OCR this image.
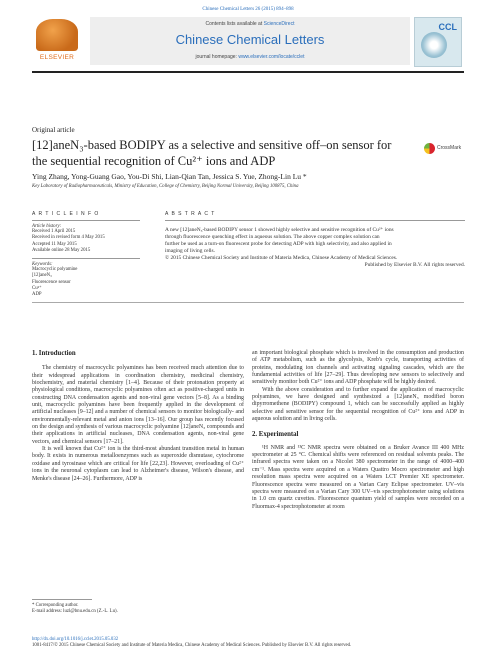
Chinese Chemical Letters 26 (2015) 894–898
ELSEVIER
Contents lists available at ScienceDirect
Chinese Chemical Letters
journal homepage: www.elsevier.com/locate/cclet
CCL
Original article
[12]aneN₃-based BODIPY as a selective and sensitive off–on sensor for
the sequential recognition of Cu²⁺ ions and ADP
CrossMark
Ying Zhang, Yong-Guang Gao, You-Di Shi, Lian-Qian Tan, Jessica S. Yue, Zhong-Lin Lu *
Key Laboratory of Radiopharmaceuticals, Ministry of Education, College of Chemistry, Beijing Normal University, Beijing 100875, China
A R T I C L E I N F O
Article history:
Received 1 April 2015
Received in revised form 4 May 2015
Accepted 11 May 2015
Available online 28 May 2015
Keywords:
Macrocyclic polyamine
[12]aneN₃
Fluorescence sensor
Cu²⁺
ADP
A B S T R A C T
A new [12]aneN₃-based BODIPY sensor 1 showed highly selective and sensitive recognition of Cu²⁺ ions
through fluorescence quenching effect in aqueous solution. The above copper complex solution can
further be used as a turn-on fluorescent probe for detecting ADP with high selectivity, and also applied in
imaging of living cells.
© 2015 Chinese Chemical Society and Institute of Materia Medica, Chinese Academy of Medical Sciences.
Published by Elsevier B.V. All rights reserved.
1. Introduction

The chemistry of macrocyclic polyamines has been received much attention due to their widespread applications in coordination chemistry, medicinal chemistry, biochemistry, and material chemistry [1–4]. Because of their protonation property at physiological conditions, macrocyclic polyamines often act as positive-charged units in constructing DNA condensation agents and non-viral gene vectors [5–8]. As a binding unit, macrocyclic polyamines have been frequently applied in the development of artificial nucleases [9–12] and a number of chemical sensors to monitor biologically- and environmentally-relevant metal and anion ions [13–16]. Our group has recently focused on the design and synthesis of various macrocyclic polyamine [12]aneN₃ compounds and their applications in artificial nucleases, DNA condensation agents, non-viral gene vectors, and chemical sensors [17–21].

It is well known that Cu²⁺ ion is the third-most abundant transition metal in human body. It exists in numerous metalloenzymes such as superoxide dismutase, cytochrome oxidase and tyrosinase which are critical for life [22,23]. However, overloading of Cu²⁺ ions in the neuronal cytoplasm can lead to Alzheimer's disease, Wilson's disease, and Menke's disease [24–26]. Furthermore, ADP is

an important biological phosphate which is involved in the consumption and production of ATP metabolism, such as the glycolysis, Kreb's cycle, transporting activities of proteins, modulating ion channels and activating signaling cascades, which are the fundamental activities of life [27–29]. Thus developing new sensors to selectively and sensitively monitor both Cu²⁺ ions and ADP phosphate will be highly desired.

With the above consideration and to further expand the application of macrocyclic polyamines, we have designed and synthesized a [12]aneN₃ modified boron dipyrromethene (BODIPY) compound 1, which can be successfully applied as highly selective and sensitive sensor for the sequential recognition of Cu²⁺ ions and ADP in aqueous solution and in living cells.

2. Experimental

¹H NMR and ¹³C NMR spectra were obtained on a Bruker Avance III 400 MHz spectrometer at 25 °C. Chemical shifts were referenced on residual solvents peaks. The infrared spectra were taken on a Nicolet 380 spectrometer in the range of 4000–400 cm⁻¹. Mass spectra were acquired on a Waters Quattro Mocro spectrometer and high resolution mass spectra were acquired on a Waters LCT Premier XE spectrometer. Fluorescence spectra were measured on a Varian Cary Eclipse spectrometer. UV–vis spectra were measured on a Varian Cary 300 UV–vis spectrophotometer using solutions in 1.0 cm quartz cuvettes. Fluorescence quantum yield of samples were recorded on a Fluormax-4 spectrophotometer at room

* Corresponding author.
E-mail address: luzl@bnu.edu.cn (Z.-L. Lu).
http://dx.doi.org/10.1016/j.cclet.2015.05.032
1001-8417/© 2015 Chinese Chemical Society and Institute of Materia Medica, Chinese Academy of Medical Sciences. Published by Elsevier B.V. All rights reserved.
